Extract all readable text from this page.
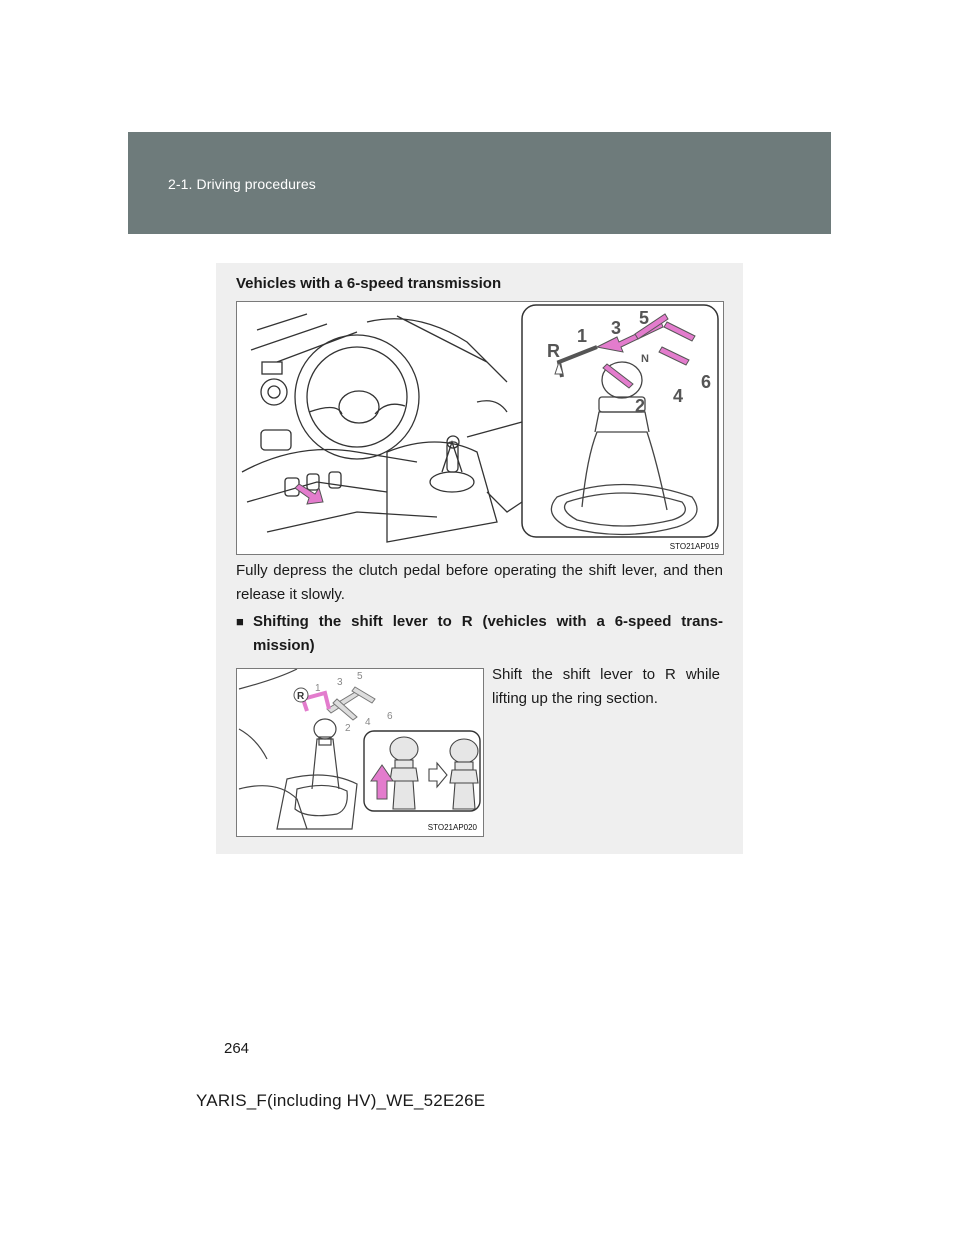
2-1. Driving procedures
Vehicles with a 6-speed transmission
R
1
2
3
4
5
6
N
STO21AP019
Fully depress the clutch pedal before operating the shift lever, and then release it slowly.
■ Shifting the shift lever to R (vehicles with a 6-speed trans-mission)
Shift the shift lever to R while lifting up the ring section.
R
1
2
3
4
5
6
STO21AP020
264
YARIS_F(including HV)_WE_52E26E
